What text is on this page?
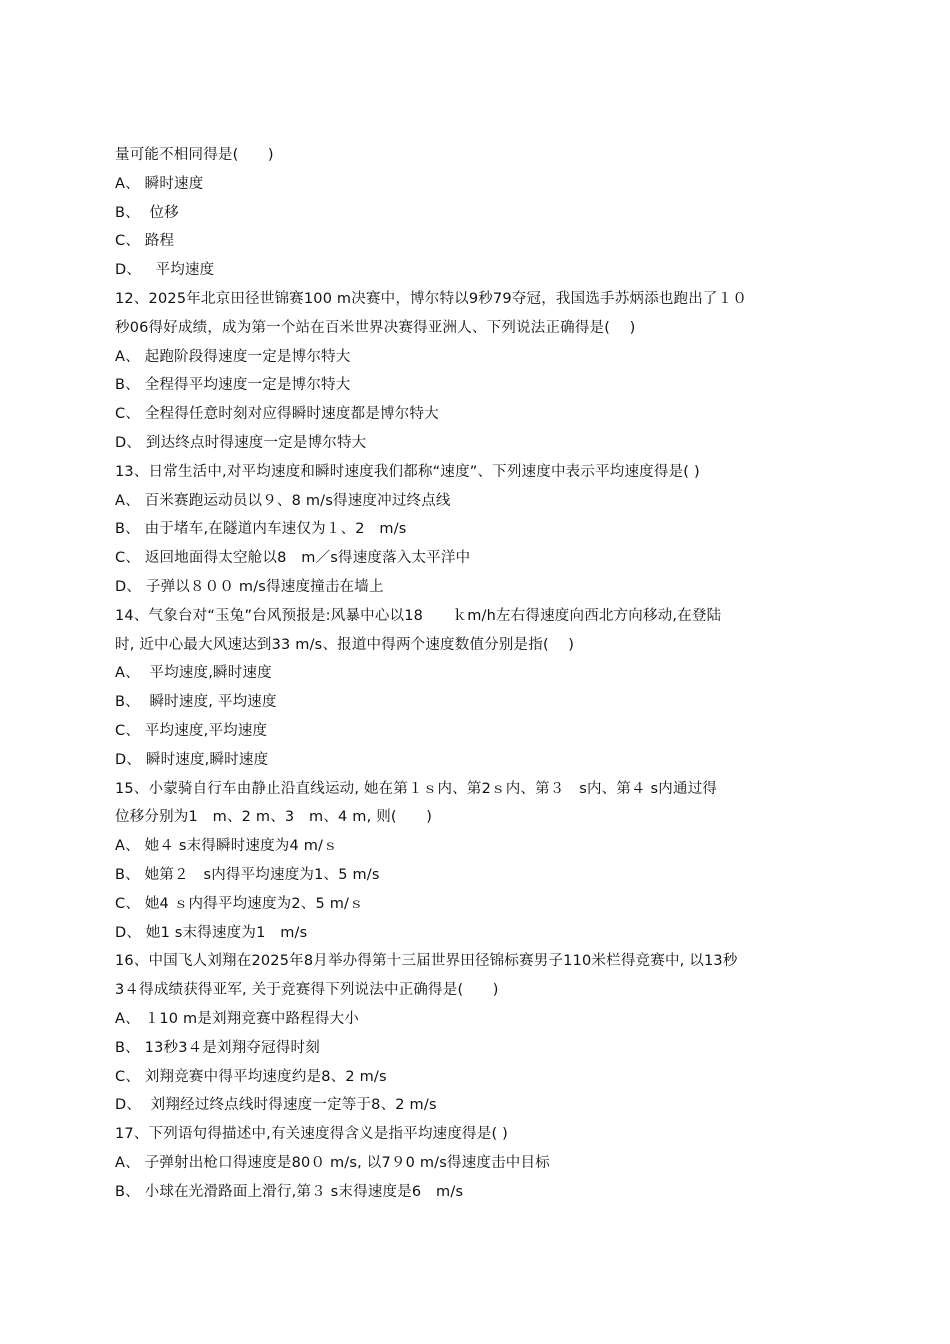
量可能不相同得是(　　)
A、 瞬时速度
B、  位移
C、 路程
D、   平均速度
12、2025年北京田径世锦赛100 m决赛中，博尔特以9秒79夺冠，我国选手苏炳添也跑出了１０
秒06得好成绩，成为第一个站在百米世界决赛得亚洲人、下列说法正确得是(　 )
A、 起跑阶段得速度一定是博尔特大
B、 全程得平均速度一定是博尔特大
C、 全程得任意时刻对应得瞬时速度都是博尔特大
D、 到达终点时得速度一定是博尔特大
13、日常生活中,对平均速度和瞬时速度我们都称“速度”、下列速度中表示平均速度得是( )
A、 百米赛跑运动员以９、8 m/s得速度冲过终点线
B、 由于堵车,在隧道内车速仅为１、2　m/s
C、 返回地面得太空舱以8　m／s得速度落入太平洋中
D、 子弹以８００ m/s得速度撞击在墙上
14、气象台对“玉兔”台风预报是:风暴中心以18　　ｋm/h左右得速度向西北方向移动,在登陆
时, 近中心最大风速达到33 m/s、报道中得两个速度数值分别是指(　 )
A、  平均速度,瞬时速度
B、  瞬时速度, 平均速度
C、 平均速度,平均速度
D、 瞬时速度,瞬时速度
15、小蒙骑自行车由静止沿直线运动, 她在第１ｓ内、第2ｓ内、第３　s内、第４ s内通过得
位移分别为1　m、2 m、3　m、4 m, 则(　　)
A、 她４ s末得瞬时速度为4 m/ｓ
B、 她第２　s内得平均速度为1、5 m/s
C、 她4 ｓ内得平均速度为2、5 m/ｓ
D、 她1 s末得速度为1　m/s
16、中国飞人刘翔在2025年8月举办得第十三届世界田径锦标赛男子110米栏得竞赛中, 以13秒
3４得成绩获得亚军, 关于竞赛得下列说法中正确得是(　　)
A、 １10 m是刘翔竞赛中路程得大小
B、 13秒3４是刘翔夺冠得时刻
C、 刘翔竞赛中得平均速度约是8、2 m/s
D、  刘翔经过终点线时得速度一定等于8、2 m/s
17、下列语句得描述中,有关速度得含义是指平均速度得是( )
A、 子弹射出枪口得速度是80０ m/s, 以7９0 m/s得速度击中目标
B、 小球在光滑路面上滑行,第３ s末得速度是6　m/s
